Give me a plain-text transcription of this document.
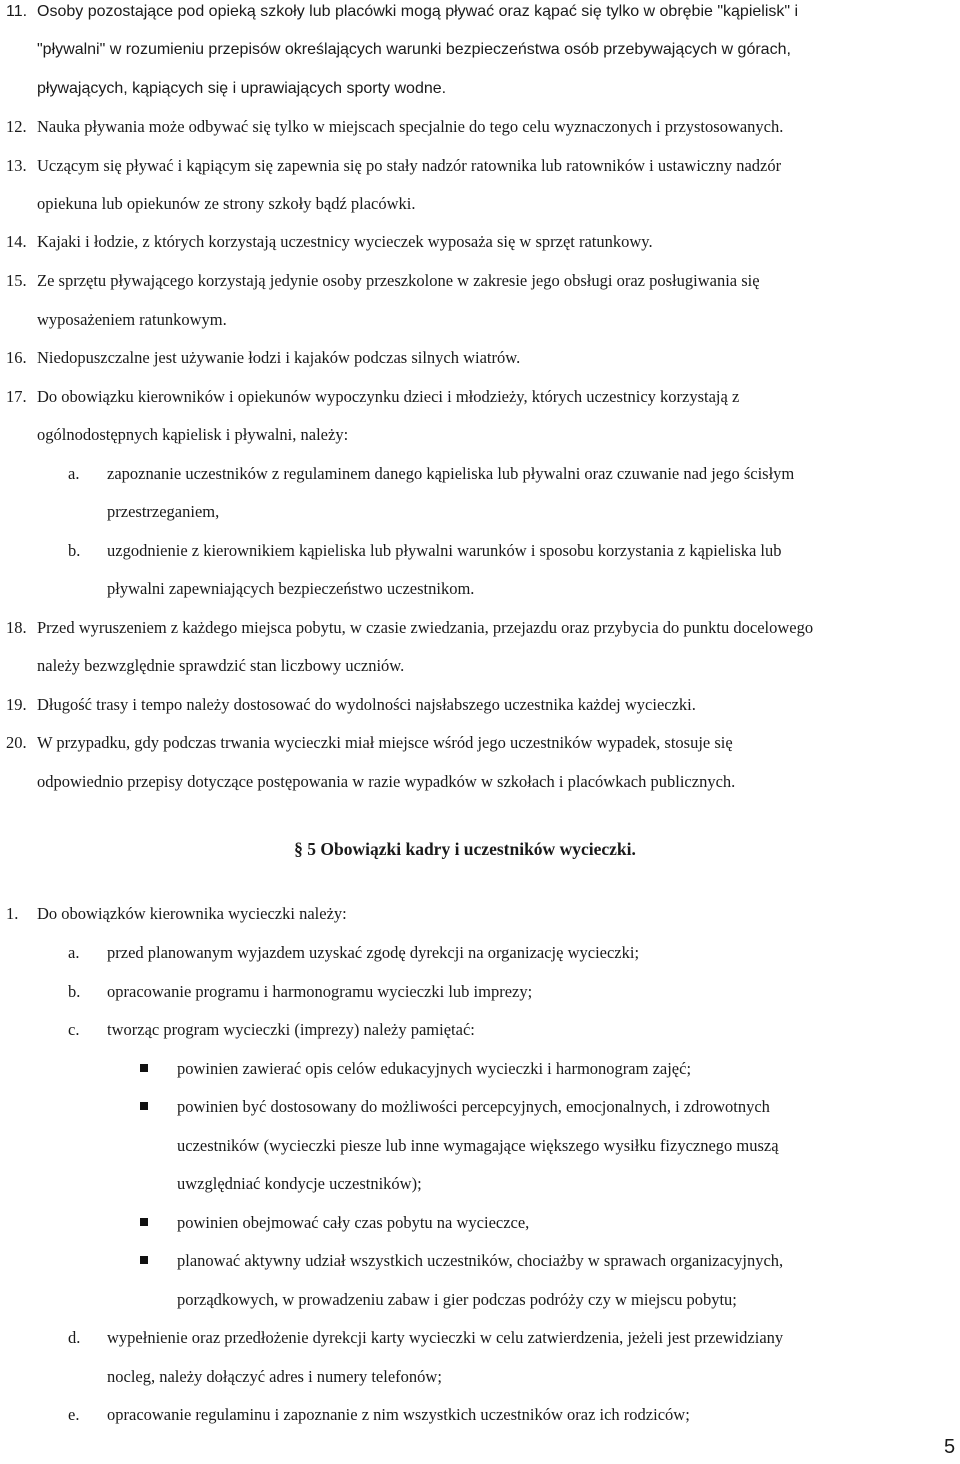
11. Osoby pozostające pod opieką szkoły lub placówki mogą pływać oraz kąpać się tylko w obrębie "kąpielisk" i
"pływalni" w rozumieniu przepisów określających warunki bezpieczeństwa osób przebywających w górach,
pływających, kąpiących się i uprawiających sporty wodne.
12. Nauka pływania może odbywać się tylko w miejscach specjalnie do tego celu wyznaczonych i przystosowanych.
13. Uczącym się pływać i kąpiącym się zapewnia się po stały nadzór ratownika lub ratowników i ustawiczny nadzór
opiekuna lub opiekunów ze strony szkoły bądź placówki.
14. Kajaki i łodzie, z których korzystają uczestnicy wycieczek wyposaża się w sprzęt ratunkowy.
15. Ze sprzętu pływającego korzystają jedynie osoby przeszkolone w zakresie jego obsługi oraz posługiwania się
wyposażeniem ratunkowym.
16. Niedopuszczalne jest używanie łodzi i kajaków podczas silnych wiatrów.
17. Do obowiązku kierowników i opiekunów wypoczynku dzieci i młodzieży, których uczestnicy korzystają z
ogólnodostępnych kąpielisk i pływalni, należy:
a. zapoznanie uczestników z regulaminem danego kąpieliska lub pływalni oraz czuwanie nad jego ścisłym
przestrzeganiem,
b. uzgodnienie z kierownikiem kąpieliska lub pływalni warunków i sposobu korzystania z kąpieliska lub
pływalni zapewniających bezpieczeństwo uczestnikom.
18. Przed wyruszeniem z każdego miejsca pobytu, w czasie zwiedzania, przejazdu oraz przybycia do punktu docelowego
należy bezwzględnie sprawdzić stan liczbowy uczniów.
19. Długość trasy i tempo należy dostosować do wydolności najsłabszego uczestnika każdej wycieczki.
20. W przypadku, gdy podczas trwania wycieczki miał miejsce wśród jego uczestników wypadek, stosuje się
odpowiednio przepisy dotyczące postępowania w razie wypadków w szkołach i placówkach publicznych.
§ 5 Obowiązki kadry i uczestników wycieczki.
1. Do obowiązków kierownika wycieczki należy:
a. przed planowanym wyjazdem uzyskać zgodę dyrekcji na organizację wycieczki;
b. opracowanie programu i harmonogramu wycieczki lub imprezy;
c. tworząc program wycieczki (imprezy) należy pamiętać:
powinien zawierać opis celów edukacyjnych wycieczki i harmonogram zajęć;
powinien być dostosowany do możliwości percepcyjnych, emocjonalnych, i zdrowotnych
uczestników (wycieczki piesze lub inne wymagające większego wysiłku fizycznego muszą
uwzględniać kondycje uczestników);
powinien obejmować cały czas pobytu na wycieczce,
planować aktywny udział wszystkich uczestników, chociażby w sprawach organizacyjnych,
porządkowych, w prowadzeniu zabaw i gier podczas podróży czy w miejscu pobytu;
d. wypełnienie oraz przedłożenie dyrekcji karty wycieczki w celu zatwierdzenia, jeżeli jest przewidziany
nocleg, należy dołączyć adres i numery telefonów;
e. opracowanie regulaminu i zapoznanie z nim wszystkich uczestników oraz ich rodziców;
5
